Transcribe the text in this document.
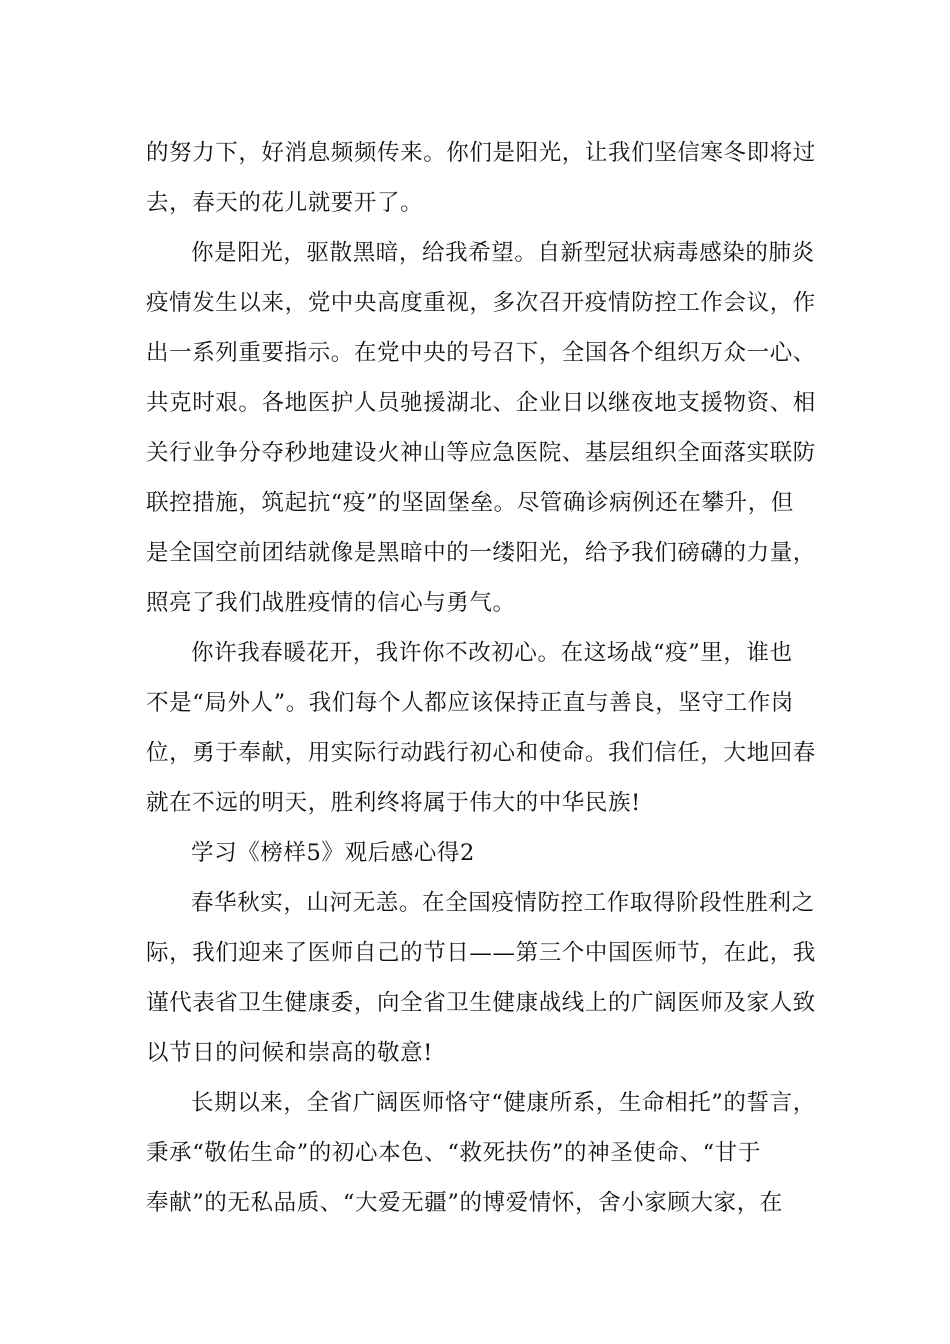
的努力下，好消息频频传来。你们是阳光，让我们坚信寒冬即将过
去，春天的花儿就要开了。
你是阳光，驱散黑暗，给我希望。自新型冠状病毒感染的肺炎
疫情发生以来，党中央高度重视，多次召开疫情防控工作会议，作
出一系列重要指示。在党中央的号召下，全国各个组织万众一心、
共克时艰。各地医护人员驰援湖北、企业日以继夜地支援物资、相
关行业争分夺秒地建设火神山等应急医院、基层组织全面落实联防
联控措施，筑起抗“疫”的坚固堡垒。尽管确诊病例还在攀升，但
是全国空前团结就像是黑暗中的一缕阳光，给予我们磅礴的力量，
照亮了我们战胜疫情的信心与勇气。
你许我春暖花开，我许你不改初心。在这场战“疫”里，谁也
不是“局外人”。我们每个人都应该保持正直与善良，坚守工作岗
位，勇于奉献，用实际行动践行初心和使命。我们信任，大地回春
就在不远的明天，胜利终将属于伟大的中华民族!
学习《榜样5》观后感心得2
春华秋实，山河无恙。在全国疫情防控工作取得阶段性胜利之
际，我们迎来了医师自己的节日——第三个中国医师节，在此，我
谨代表省卫生健康委，向全省卫生健康战线上的广阔医师及家人致
以节日的问候和崇高的敬意!
长期以来，全省广阔医师恪守“健康所系，生命相托”的誓言，
秉承“敬佑生命”的初心本色、“救死扶伤”的神圣使命、“甘于
奉献”的无私品质、“大爱无疆”的博爱情怀，舍小家顾大家，在
